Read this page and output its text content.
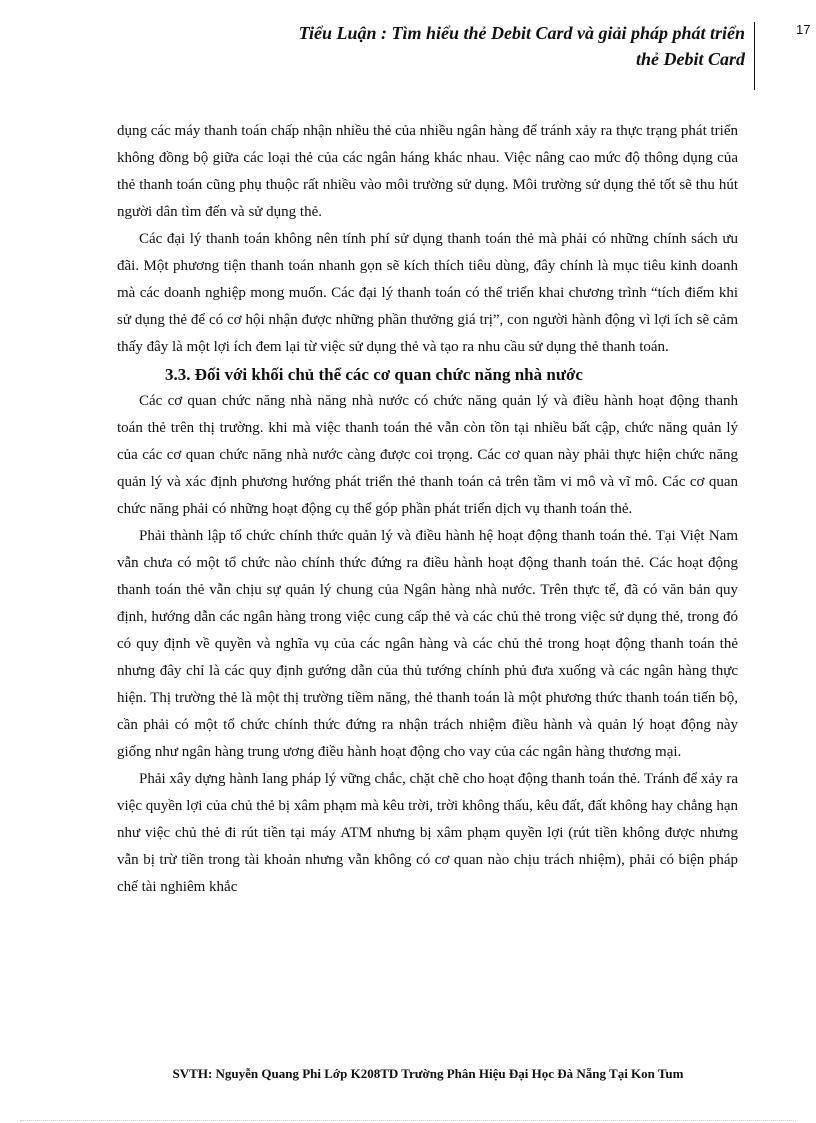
Tiểu Luận : Tìm hiểu thẻ Debit Card và giải pháp phát triển
thẻ Debit Card
17

dụng các máy thanh toán chấp nhận nhiều thẻ của nhiều ngân hàng để tránh xảy ra thực trạng phát triển không đồng bộ giữa các loại thẻ của các ngân háng khác nhau. Việc nâng cao mức độ thông dụng của thẻ thanh toán cũng phụ thuộc rất nhiều vào môi trường sử dụng. Môi trường sử dụng thẻ tốt sẽ thu hút người dân tìm đến và sử dụng thẻ.

Các đại lý thanh toán không nên tính phí sử dụng thanh toán thẻ mà phải có những chính sách ưu đãi. Một phương tiện thanh toán nhanh gọn sẽ kích thích tiêu dùng, đây chính là mục tiêu kinh doanh mà các doanh nghiệp mong muốn. Các đại lý thanh toán có thể triển khai chương trình “tích điểm khi sử dụng thẻ để có cơ hội nhận được những phần thưởng giá trị”, con người hành động vì lợi ích sẽ cảm thấy đây là một lợi ích đem lại từ việc sử dụng thẻ và tạo ra nhu cầu sử dụng thẻ thanh toán.

3.3. Đối với khối chủ thể các cơ quan chức năng nhà nước

Các cơ quan chức năng nhà năng nhà nước có chức năng quản lý và điều hành hoạt động thanh toán thẻ trên thị trường. khi mà việc thanh toán thẻ vẫn còn tồn tại nhiều bất cập, chức năng quản lý của các cơ quan chức năng nhà nước càng được coi trọng. Các cơ quan này phải thực hiện chức năng quản lý và xác định phương hướng phát triển thẻ thanh toán cả trên tầm vi mô và vĩ mô. Các cơ quan chức năng phải có những hoạt động cụ thể góp phần phát triển dịch vụ thanh toán thẻ.

Phải thành lập tổ chức chính thức quản lý và điều hành hệ hoạt động thanh toán thẻ. Tại Việt Nam vẫn chưa có một tổ chức nào chính thức đứng ra điều hành hoạt động thanh toán thẻ. Các hoạt động thanh toán thẻ vẫn chịu sự quản lý chung của Ngân hàng nhà nước. Trên thực tế, đã có văn bản quy định, hướng dẫn các ngân hàng trong việc cung cấp thẻ và các chủ thẻ trong việc sử dụng thẻ, trong đó có quy định về quyền và nghĩa vụ của các ngân hàng và các chủ thẻ trong hoạt động thanh toán thẻ nhưng đây chỉ là các quy định gướng dẫn của thủ tướng chính phủ đưa xuống và các ngân hàng thực hiện. Thị trường thẻ là một thị trường tiềm năng, thẻ thanh toán là một phương thức thanh toán tiến bộ, cần phải có một tổ chức chính thức đứng ra nhận trách nhiệm điều hành và quản lý hoạt động này giống như ngân hàng trung ương điều hành hoạt động cho vay của các ngân hàng thương mại.

Phải xây dựng hành lang pháp lý vững chắc, chặt chẽ cho hoạt động thanh toán thẻ. Tránh để xảy ra việc quyền lợi của chủ thẻ bị xâm phạm mà kêu trời, trời không thấu, kêu đất, đất không hay chẳng hạn như việc chủ thẻ đi rút tiền tại máy ATM nhưng bị xâm phạm quyền lợi (rút tiền không được nhưng vẫn bị trừ tiền trong tài khoản nhưng vẫn không có cơ quan nào chịu trách nhiệm), phải có biện pháp chế tài nghiêm khắc

SVTH: Nguyễn Quang Phi Lớp K208TD Trường Phân Hiệu Đại Học Đà Nẵng Tại Kon Tum
